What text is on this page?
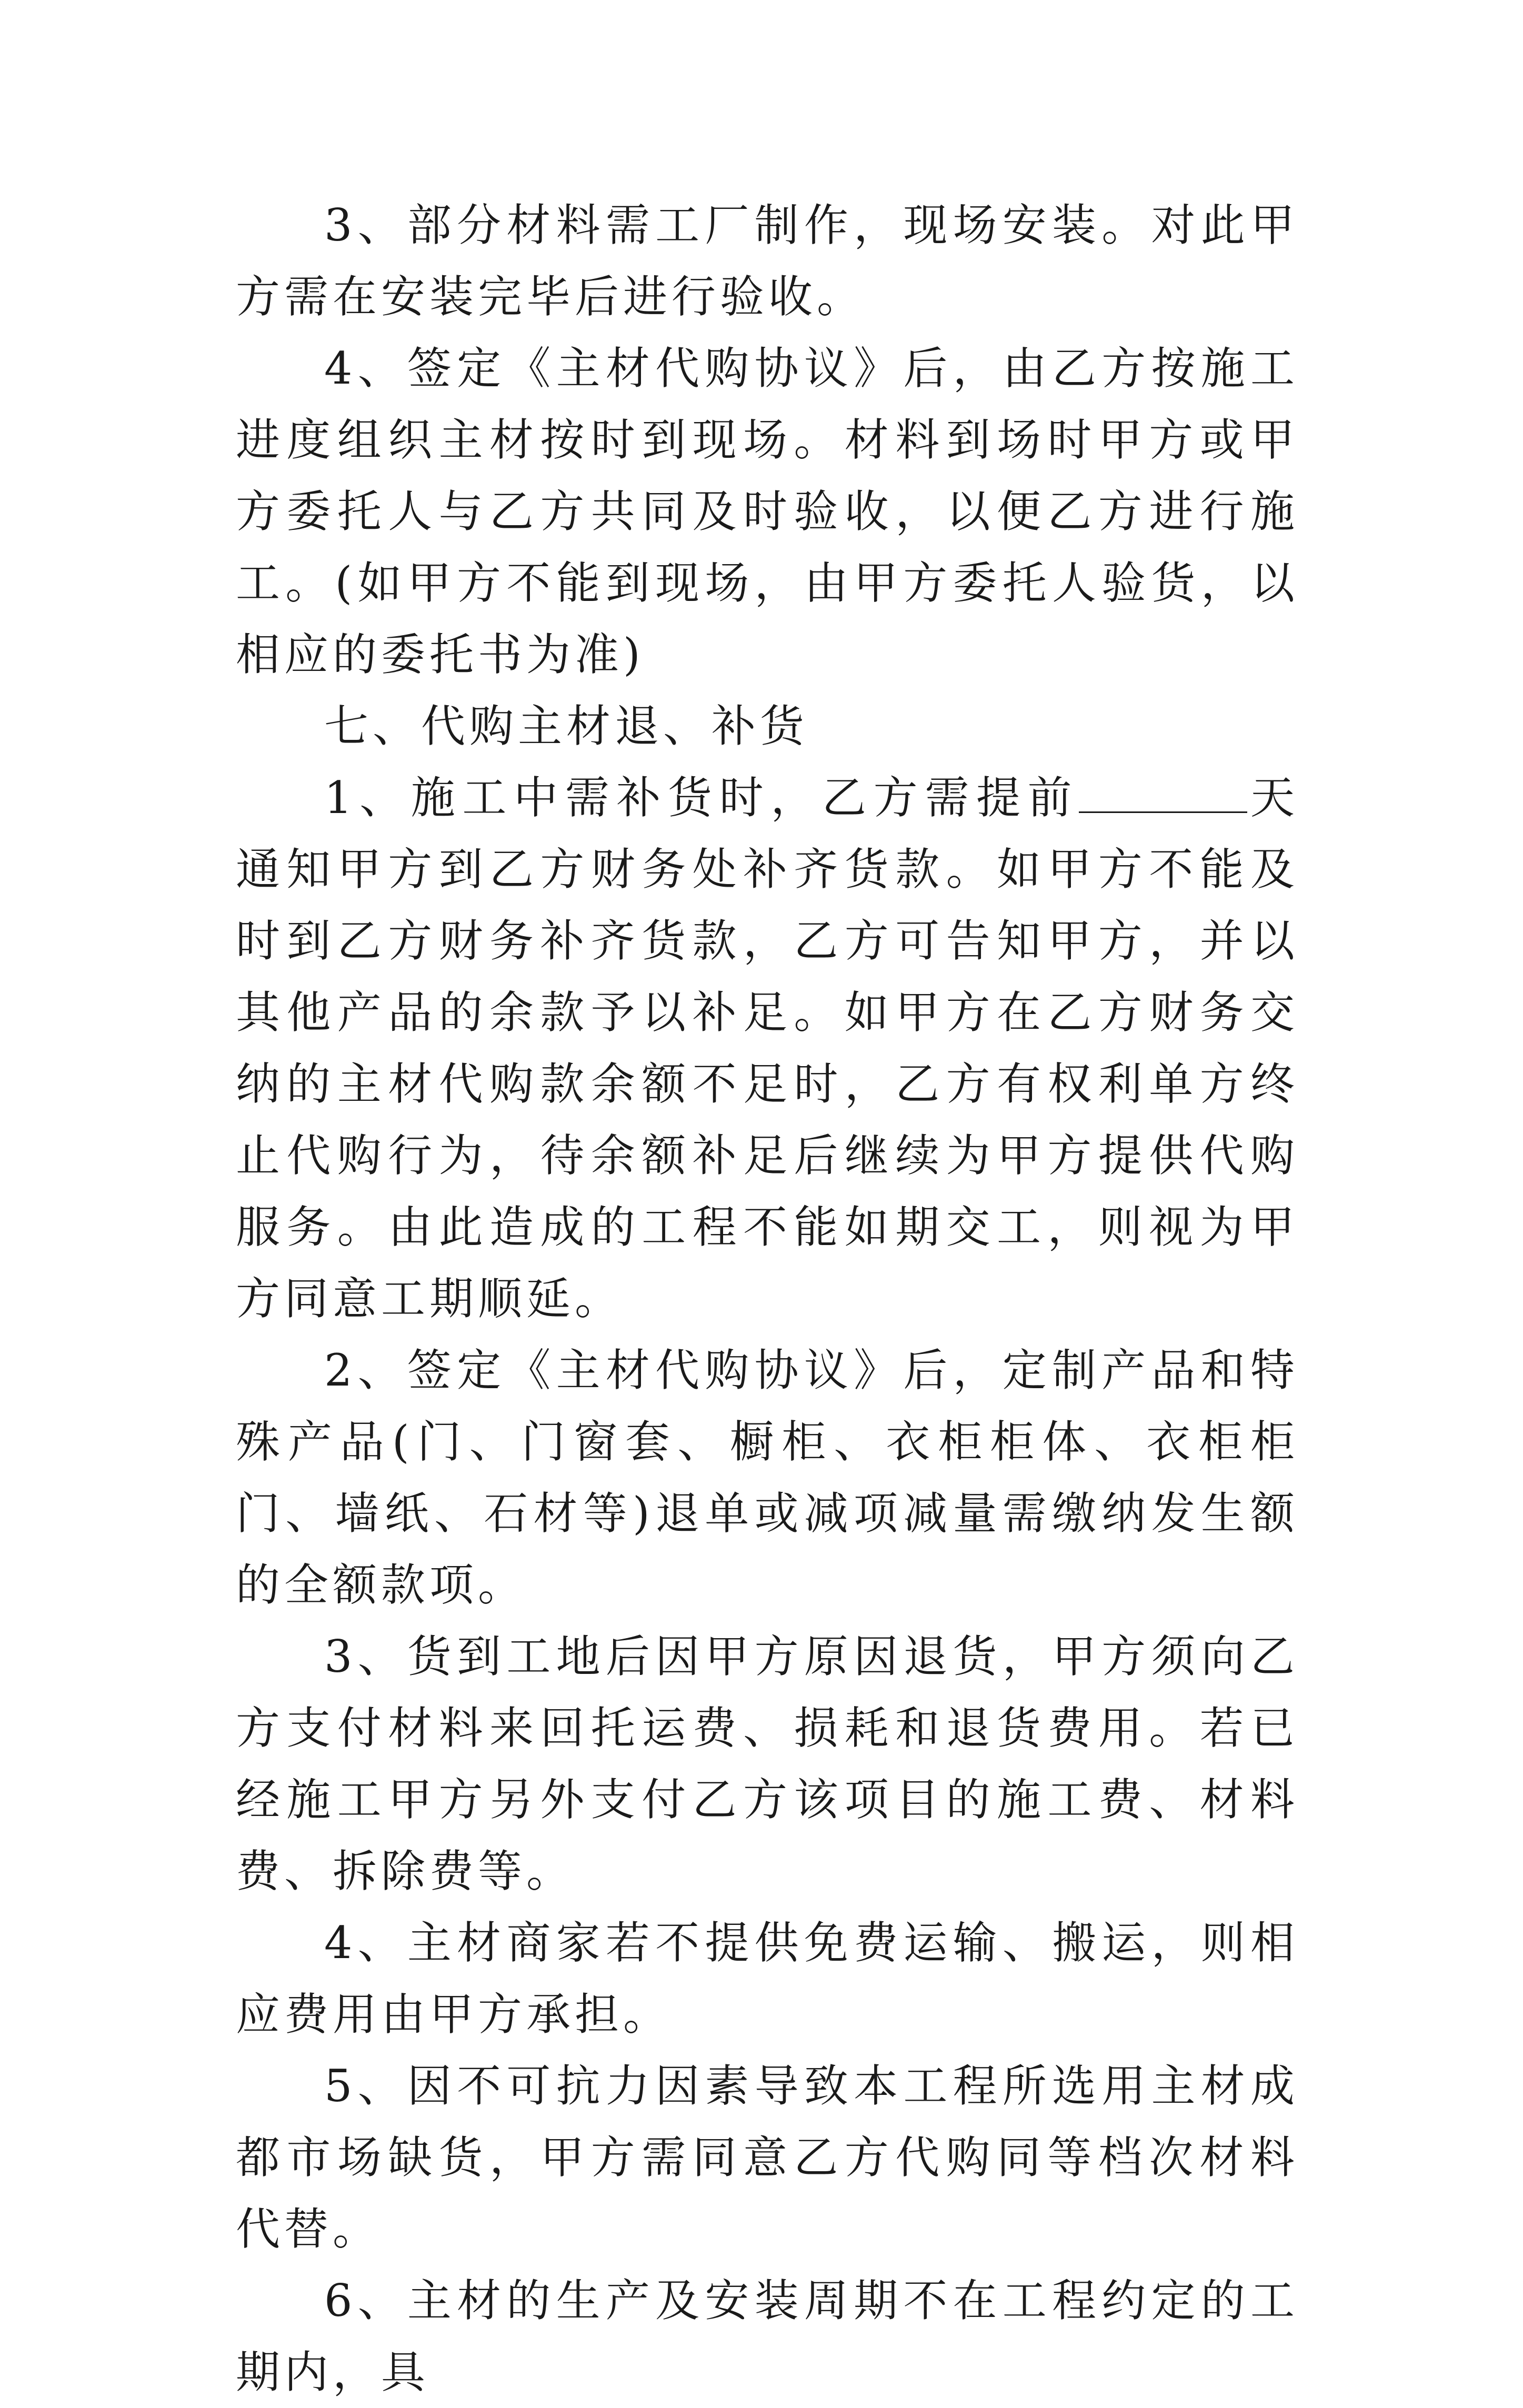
3、部分材料需工厂制作，现场安装。对此甲方需在安装完毕后进行验收。

4、签定《主材代购协议》后，由乙方按施工进度组织主材按时到现场。材料到场时甲方或甲方委托人与乙方共同及时验收，以便乙方进行施工。(如甲方不能到现场，由甲方委托人验货，以相应的委托书为准)

七、代购主材退、补货

1、施工中需补货时，乙方需提前	天通知甲方到乙方财务处补齐货款。如甲方不能及时到乙方财务补齐货款，乙方可告知甲方，并以其他产品的余款予以补足。如甲方在乙方财务交纳的主材代购款余额不足时，乙方有权利单方终止代购行为，待余额补足后继续为甲方提供代购服务。由此造成的工程不能如期交工，则视为甲方同意工期顺延。

2、签定《主材代购协议》后，定制产品和特殊产品(门、门窗套、橱柜、衣柜柜体、衣柜柜门、墙纸、石材等)退单或减项减量需缴纳发生额的全额款项。

3、货到工地后因甲方原因退货，甲方须向乙方支付材料来回托运费、损耗和退货费用。若已经施工甲方另外支付乙方该项目的施工费、材料费、拆除费等。

4、主材商家若不提供免费运输、搬运，则相应费用由甲方承担。

5、因不可抗力因素导致本工程所选用主材成都市场缺货，甲方需同意乙方代购同等档次材料代替。

6、主材的生产及安装周期不在工程约定的工期内，具
